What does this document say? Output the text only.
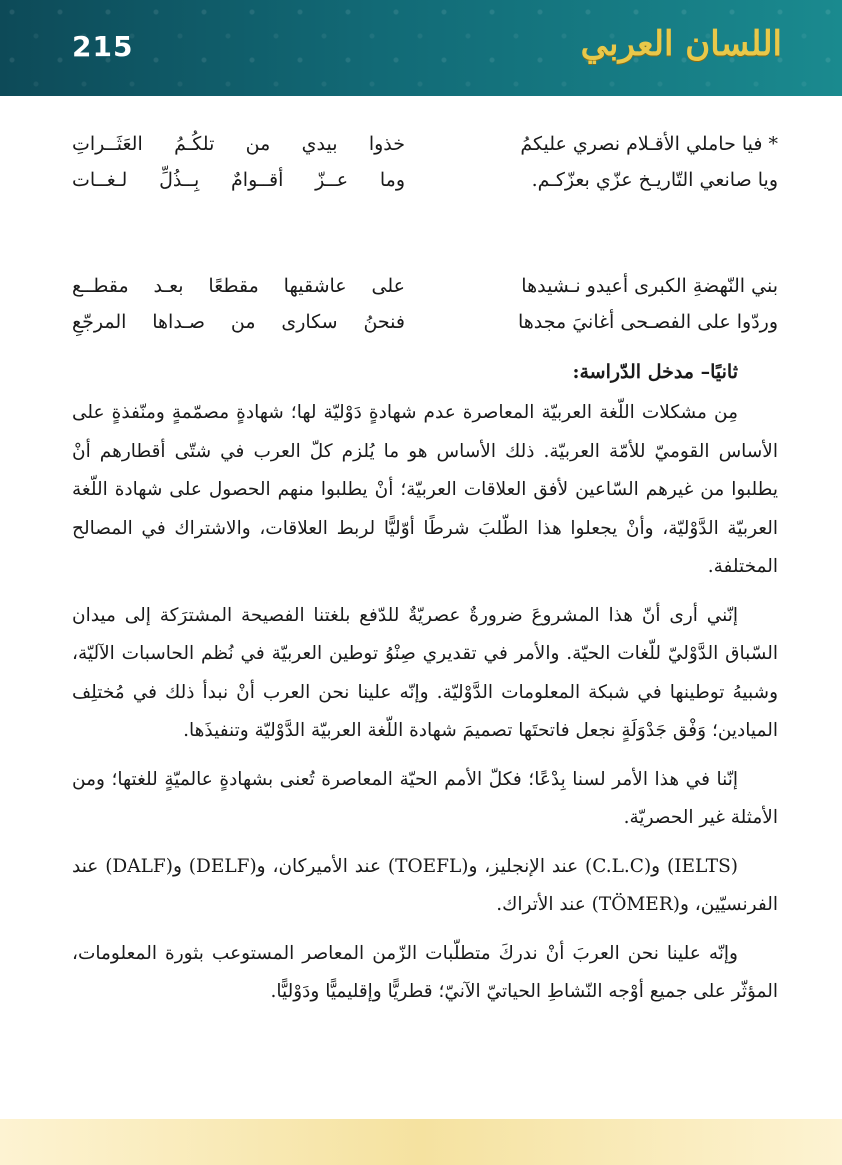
215	اللسان العربي
* فيا حاملي الأقـلام نصري عليكمُ
خذوا بيدي من تلكُـمُ العَثَــراتِ
ويا صانعي التّاريـخ عزّي بعزّكـم.
وما عــزّ أقــوامٌ بِــذُلِّ لـغــات
بني النّهضةِ الكبرى أعيدو نـشيدها
على عاشقيها مقطعًا بعـد مقطــع
وردّوا على الفصـحى أغانيَ مجدها
فنحنُ سكارى من صـداها المرجّعِ
ثانيًا– مدخل الدّراسة:

مِن مشكلات اللّغة العربيّة المعاصرة عدم شهادةٍ دَوْليّة لها؛ شهادةٍ مصمّمةٍ ومنّفذةٍ على الأساس القوميّ للأمّة العربيّة. ذلك الأساس هو ما يُلزم كلّ العرب في شتّى أقطارهم أنْ يطلبوا من غيرهم السّاعين لأفق العلاقات العربيّة؛ أنْ يطلبوا منهم الحصول على شهادة اللّغة العربيّة الدَّوْليّة، وأنْ يجعلوا هذا الطّلبَ شرطًا أوّليًّا لربط العلاقات، والاشتراك في المصالح المختلفة.

إنّني أرى أنّ هذا المشروعَ ضرورةٌ عصريّةٌ للدّفع بلغتنا الفصيحة المشترَكة إلى ميدان السّباق الدَّوْليّ للّغات الحيّة. والأمر في تقديري صِنْوُ توطين العربيّة في نُظم الحاسبات الآليّة، وشبيهُ توطينها في شبكة المعلومات الدَّوْليّة. وإنّه علينا نحن العرب أنْ نبدأ ذلك في مُختلِف الميادين؛ وَفْق جَدْوَلَةٍ نجعل فاتحتَها تصميمَ شهادة اللّغة العربيّة الدَّوْليّة وتنفيذَها.

إنّنا في هذا الأمر لسنا بِدْعًا؛ فكلّ الأمم الحيّة المعاصرة تُعنى بشهادةٍ عالميّةٍ للغتها؛ ومن الأمثلة غير الحصريّة.

(IELTS) و(C.L.C) عند الإنجليز، و(TOEFL) عند الأميركان، و(DELF) و(DALF) عند الفرنسيّين، و(TÖMER) عند الأتراك.

وإنّه علينا نحن العربَ أنْ ندركَ متطلّبات الزّمن المعاصر المستوعب بثورة المعلومات، المؤثّر على جميع أوْجه النّشاطِ الحياتيّ الآنيّ؛ قطريًّا وإقليميًّا ودَوْليًّا.
